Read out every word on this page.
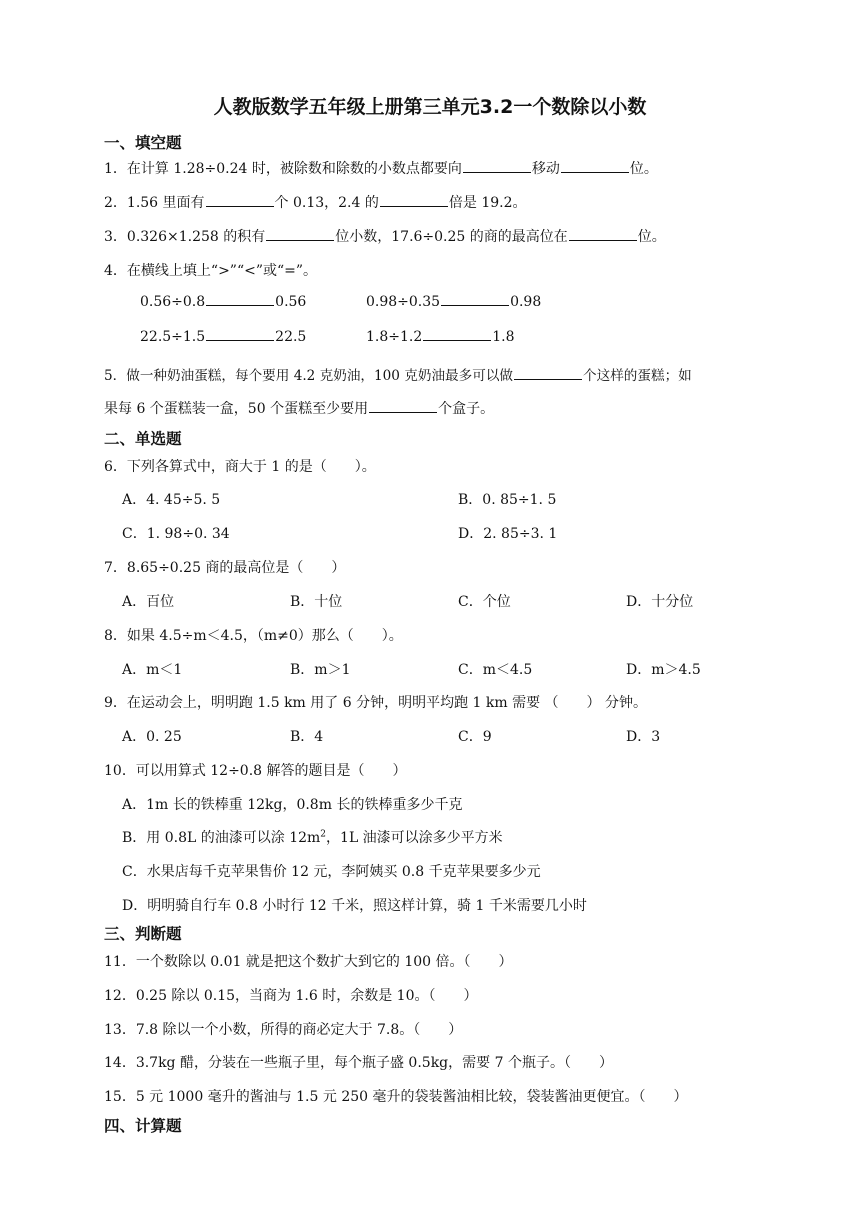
人教版数学五年级上册第三单元3.2一个数除以小数
一、填空题
1．在计算 1.28÷0.24 时，被除数和除数的小数点都要向	移动	位。
2．1.56 里面有	个 0.13，2.4 的	倍是 19.2。
3．0.326×1.258 的积有	位小数，17.6÷0.25 的商的最高位在	位。
4．在横线上填上“>”“<”或“=”。
0.56÷0.8	0.56	0.98÷0.35	0.98
22.5÷1.5	22.5	1.8÷1.2	1.8
5．做一种奶油蛋糕，每个要用 4.2 克奶油，100 克奶油最多可以做	个这样的蛋糕；如
果每 6 个蛋糕装一盒，50 个蛋糕至少要用	个盒子。
二、单选题
6．下列各算式中，商大于 1 的是（　　）。
A．4. 45÷5. 5	B．0. 85÷1. 5
C．1. 98÷0. 34	D．2. 85÷3. 1
7．8.65÷0.25 商的最高位是（　　）
A．百位	B．十位	C．个位	D．十分位
8．如果 4.5÷m＜4.5，（m≠0）那么（　　）。
A．m＜1	B．m＞1	C．m＜4.5	D．m＞4.5
9．在运动会上，明明跑 1.5 km 用了 6 分钟，明明平均跑 1 km 需要 （　　） 分钟。
A．0. 25	B．4	C．9	D．3
10．可以用算式 12÷0.8 解答的题目是（　　）
A．1m 长的铁棒重 12kg，0.8m 长的铁棒重多少千克
B．用 0.8L 的油漆可以涂 $12m^2$，1L 油漆可以涂多少平方米
C．水果店每千克苹果售价 12 元，李阿姨买 0.8 千克苹果要多少元
D．明明骑自行车 0.8 小时行 12 千米，照这样计算，骑 1 千米需要几小时
三、判断题
11．一个数除以 0.01 就是把这个数扩大到它的 100 倍。（　　）
12．0.25 除以 0.15，当商为 1.6 时，余数是 10。（　　）
13．7.8 除以一个小数，所得的商必定大于 7.8。（　　）
14．3.7kg 醋，分装在一些瓶子里，每个瓶子盛 0.5kg，需要 7 个瓶子。（　　）
15．5 元 1000 毫升的酱油与 1.5 元 250 毫升的袋装酱油相比较，袋装酱油更便宜。（　　）
四、计算题
